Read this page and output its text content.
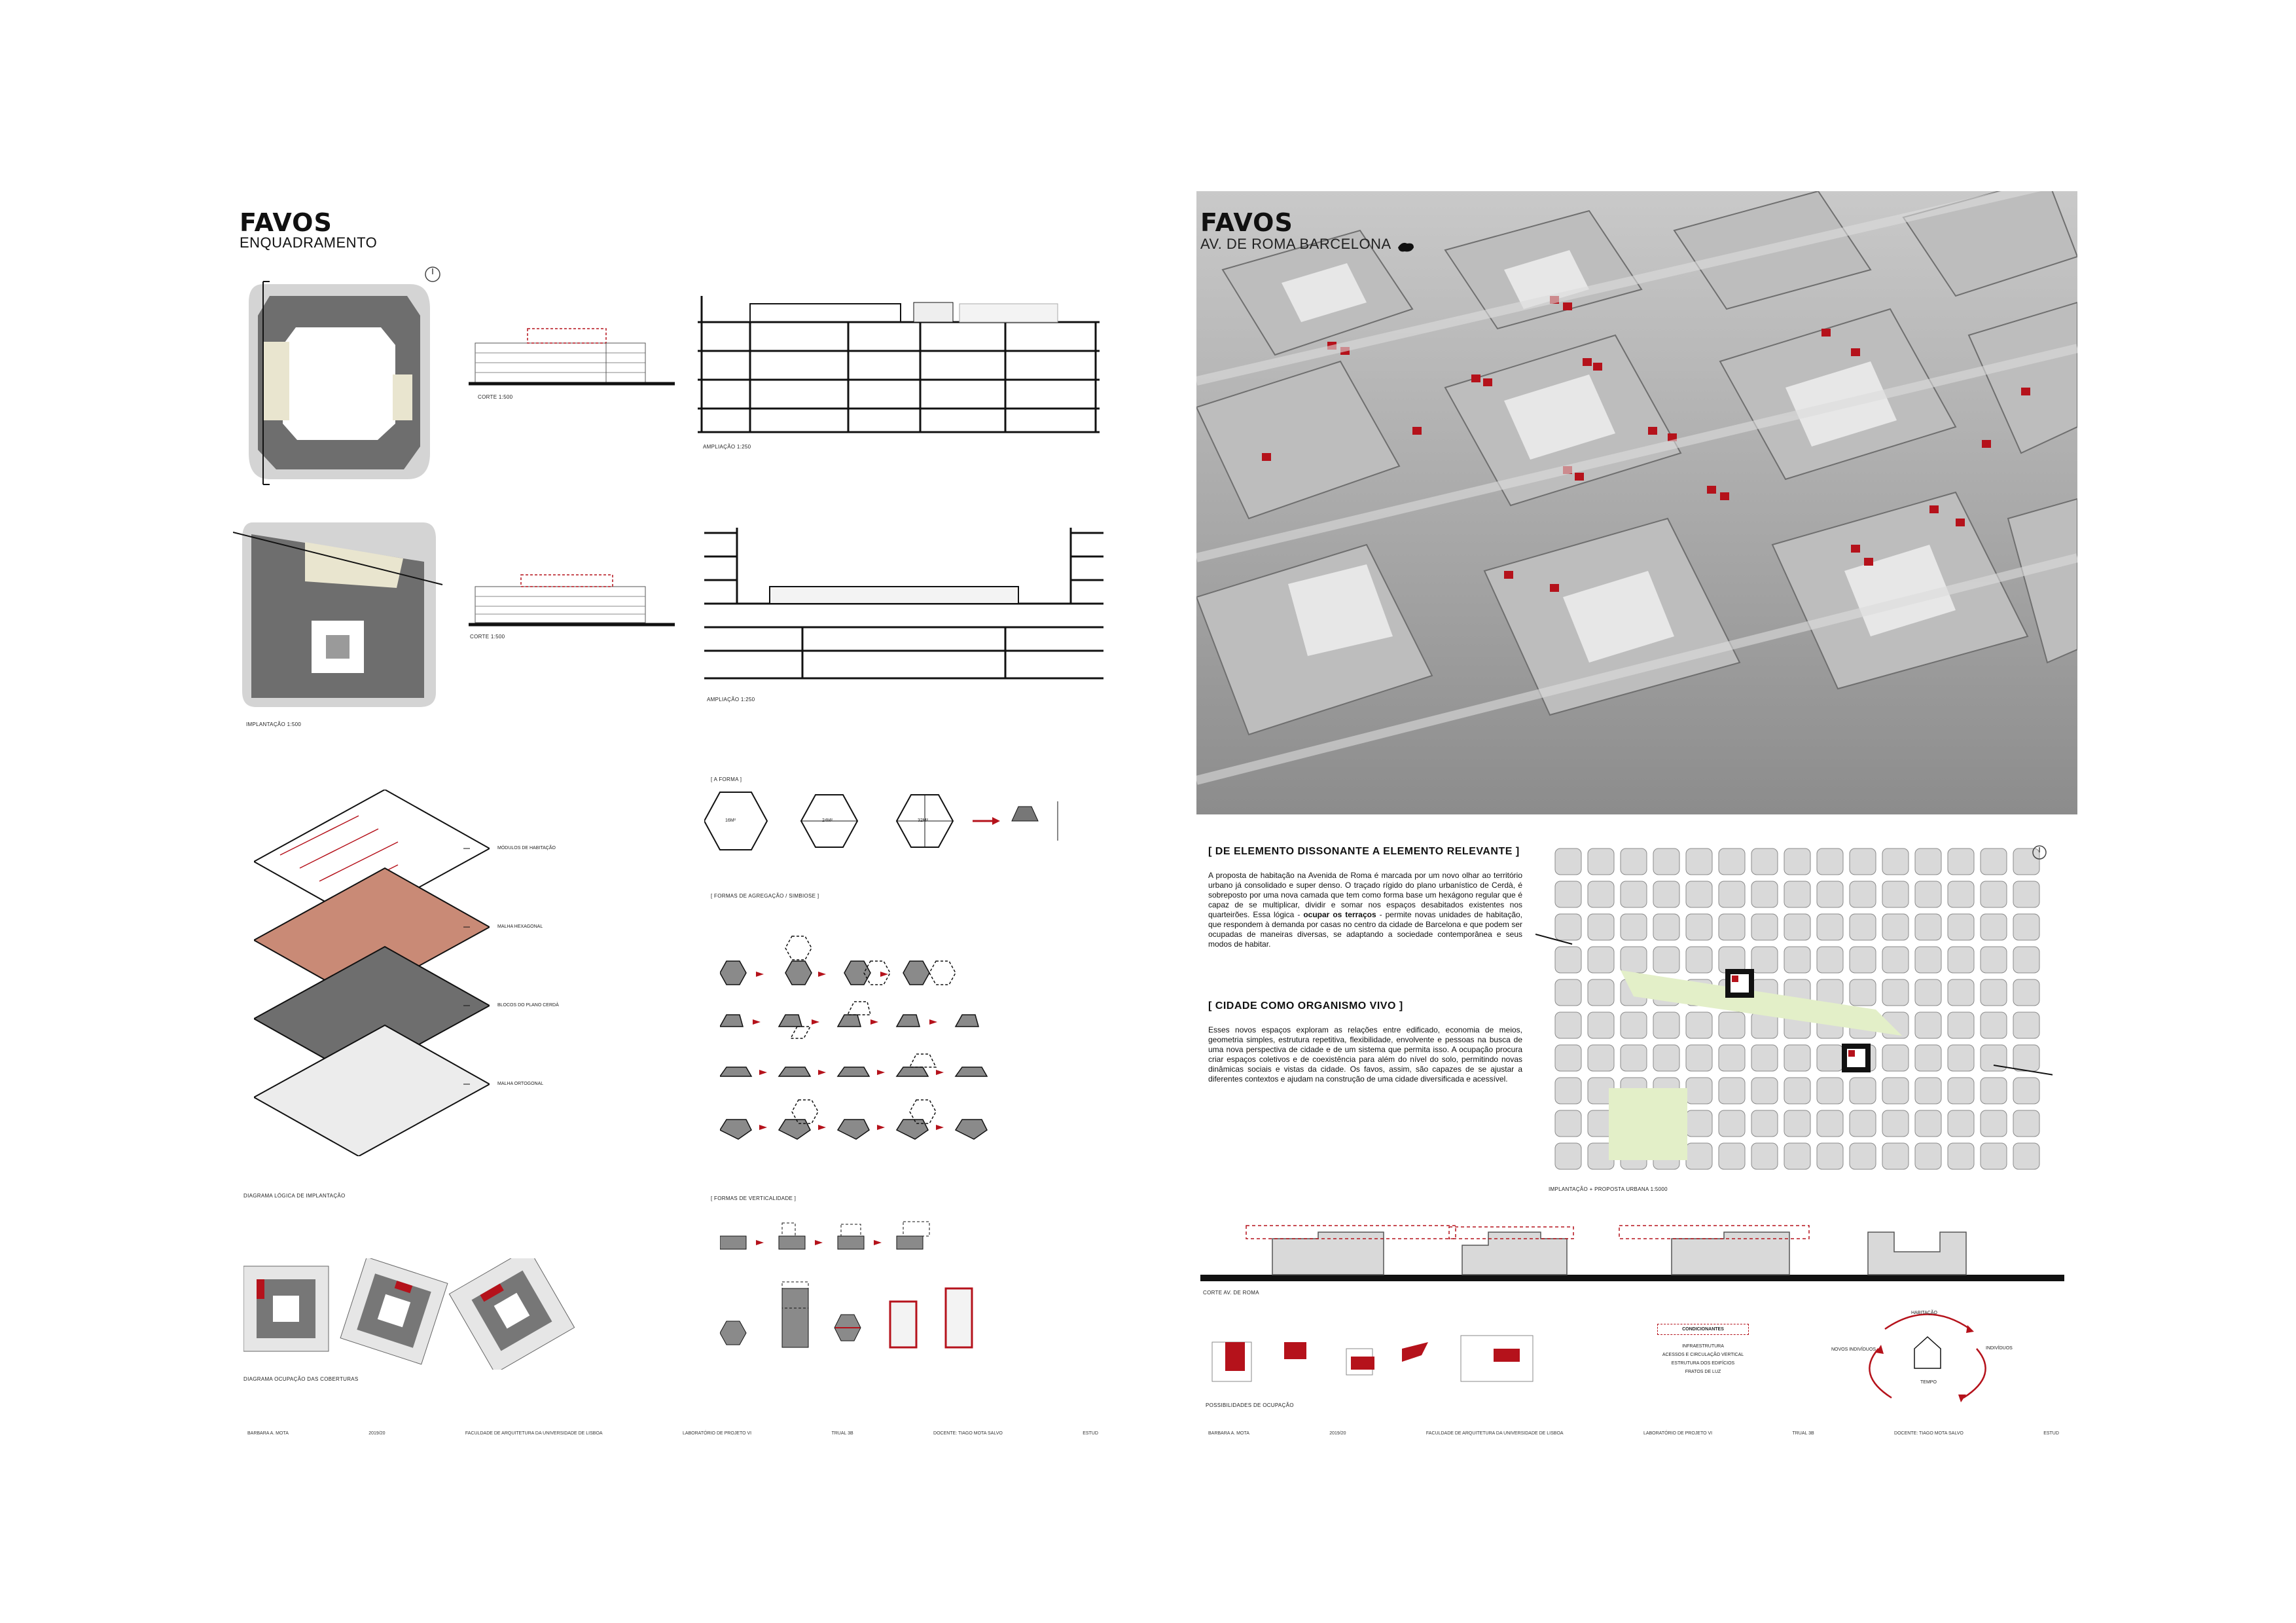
FAVOS
ENQUADRAMENTO
CORTE 1:500
AMPLIAÇÃO 1:250
IMPLANTAÇÃO 1:500
CORTE 1:500
AMPLIAÇÃO 1:250
MÓDULOS DE HABITAÇÃO
MALHA HEXAGONAL
BLOCOS DO PLANO CERDÀ
MALHA ORTOGONAL
DIAGRAMA LÓGICA DE IMPLANTAÇÃO
DIAGRAMA OCUPAÇÃO DAS COBERTURAS
[ A FORMA ]
16M²	24M²	32M²
[ FORMAS DE AGREGAÇÃO / SIMBIOSE ]
[ FORMAS DE VERTICALIDADE ]
BARBARA A. MOTA	2019/20	FACULDADE DE ARQUITETURA DA UNIVERSIDADE DE LISBOA	LABORATÓRIO DE PROJETO VI	TRUAL 3B	DOCENTE: TIAGO MOTA SALVO	ESTUD
FAVOS
AV. DE ROMA BARCELONA
[ DE ELEMENTO DISSONANTE A ELEMENTO RELEVANTE ]
A proposta de habitação na Avenida de Roma é marcada por um novo olhar ao território urbano já consolidado e super denso. O traçado rígido do plano urbanístico de Cerdà, é sobreposto por uma nova camada que tem como forma base um hexágono regular que é capaz de se multiplicar, dividir e somar nos espaços desabitados existentes nos quarteirões. Essa lógica - ocupar os terraços - permite novas unidades de habitação, que respondem à demanda por casas no centro da cidade de Barcelona e que podem ser ocupadas de maneiras diversas, se adaptando a sociedade contemporânea e seus modos de habitar.
[ CIDADE COMO ORGANISMO VIVO ]
Esses novos espaços exploram as relações entre edificado, economia de meios, geometria simples, estrutura repetitiva, flexibilidade, envolvente e pessoas na busca de uma nova perspectiva de cidade e de um sistema que permita isso. A ocupação procura criar espaços coletivos e de coexistência para além do nível do solo, permitindo novas dinâmicas sociais e vistas da cidade. Os favos, assim, são capazes de se ajustar a diferentes contextos e ajudam na construção de uma cidade diversificada e acessível.
IMPLANTAÇÃO + PROPOSTA URBANA 1:5000
CORTE AV. DE ROMA
POSSIBILIDADES DE OCUPAÇÃO
CONDICIONANTES
INFRAESTRUTURA
ACESSOS E CIRCULAÇÃO VERTICAL
ESTRUTURA DOS EDIFÍCIOS
FRATOS DE LUZ
HABITAÇÃO
NOVOS INDIVÍDUOS	INDIVÍDUOS
TEMPO
BARBARA A. MOTA	2019/20	FACULDADE DE ARQUITETURA DA UNIVERSIDADE DE LISBOA	LABORATÓRIO DE PROJETO VI	TRUAL 3B	DOCENTE: TIAGO MOTA SALVO	ESTUD
